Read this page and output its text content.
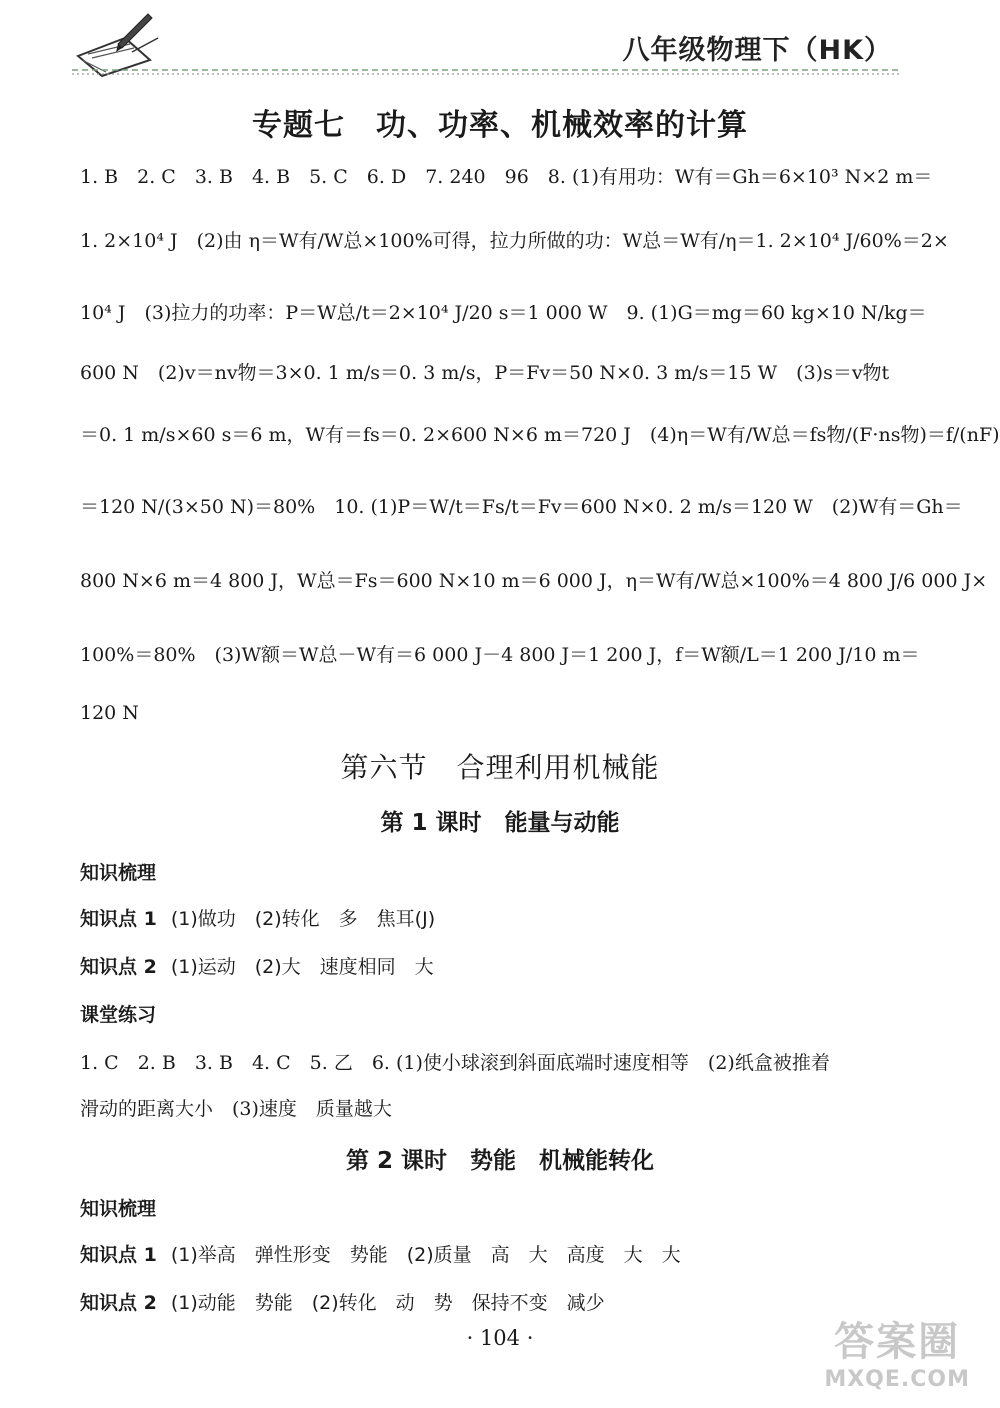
八年级物理下（HK）
专题七　功、功率、机械效率的计算
1. B　2. C　3. B　4. B　5. C　6. D　7. 240　96　8. (1)有用功：W有＝Gh＝6×10³ N×2 m＝
1. 2×10⁴ J　(2)由 η＝W有/W总×100%可得，拉力所做的功：W总＝W有/η＝1. 2×10⁴ J/60%＝2×
10⁴ J　(3)拉力的功率：P＝W总/t＝2×10⁴ J/20 s＝1 000 W　9. (1)G＝mg＝60 kg×10 N/kg＝
600 N　(2)v＝nv物＝3×0. 1 m/s＝0. 3 m/s，P＝Fv＝50 N×0. 3 m/s＝15 W　(3)s＝v物t
＝0. 1 m/s×60 s＝6 m，W有＝fs＝0. 2×600 N×6 m＝720 J　(4)η＝W有/W总＝fs物/(F·ns物)＝f/(nF)
＝120 N/(3×50 N)＝80%　10. (1)P＝W/t＝Fs/t＝Fv＝600 N×0. 2 m/s＝120 W　(2)W有＝Gh＝
800 N×6 m＝4 800 J，W总＝Fs＝600 N×10 m＝6 000 J，η＝W有/W总×100%＝4 800 J/6 000 J×
100%＝80%　(3)W额＝W总－W有＝6 000 J－4 800 J＝1 200 J，f＝W额/L＝1 200 J/10 m＝
120 N
第六节　合理利用机械能
第 1 课时　能量与动能
知识梳理
知识点 1 (1)做功　(2)转化　多　焦耳(J)
知识点 2 (1)运动　(2)大　速度相同　大
课堂练习
1. C　2. B　3. B　4. C　5. 乙　6. (1)使小球滚到斜面底端时速度相等　(2)纸盒被推着
滑动的距离大小　(3)速度　质量越大
第 2 课时　势能　机械能转化
知识梳理
知识点 1 (1)举高　弹性形变　势能　(2)质量　高　大　高度　大　大
知识点 2 (1)动能　势能　(2)转化　动　势　保持不变　减少
· 104 ·	答案圈
MXQE.COM
